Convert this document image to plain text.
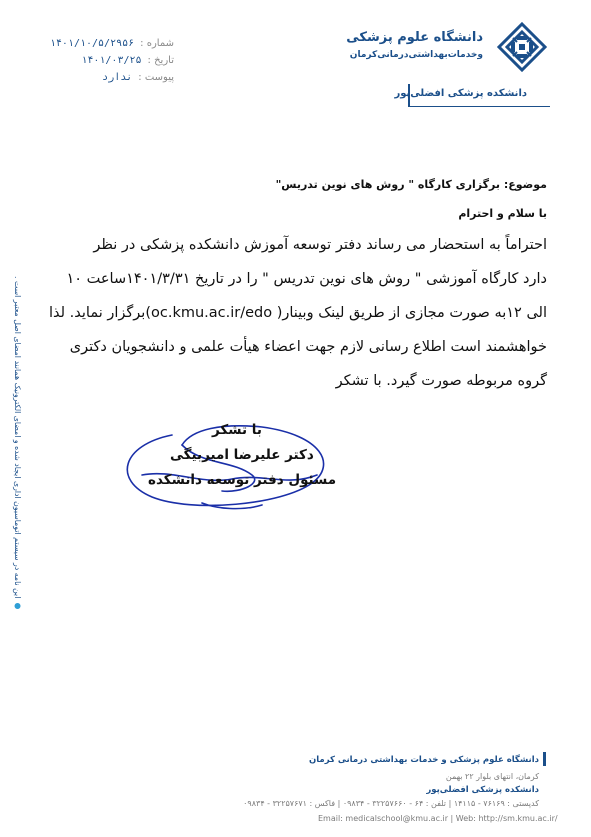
دانشگاه علوم پزشکی
و‌خدمات‌بهداشتی‌درمانی‌کرمان
دانشکده پزشکی افضلی‌پور
شماره :
۱۴۰۱/۱۰/۵/۲۹۵۶
تاریخ :
۱۴۰۱/۰۳/۲۵
پیوست :
ندارد
● این نامه در سیستم اتوماسیون اداری ایجاد شده و امضای الکترونیک همانند امضای اصل معتبر است .
موضوع: برگزاری کارگاه " روش های نوین تدریس"
با سلام و احترام
احتراماً به استحضار می رساند دفتر توسعه آموزش دانشکده پزشکی در نظر
دارد کارگاه آموزشی " روش های نوین تدریس " را در تاریخ ۱۴۰۱/۳/۳۱ساعت ۱۰
الی ۱۲به صورت مجازی از طریق لینک وبینار( oc.kmu.ac.ir/edo)برگزار نماید. لذا
خواهشمند است اطلاع رسانی لازم جهت اعضاء هیأت علمی و دانشجویان دکتری
گروه مربوطه صورت گیرد. با تشکر
با تشکر
دکتر علیرضا امیربیگی
مسئول دفتر توسعه دانشکده
دانشگاه علوم پزشکی و خدمات بهداشتی درمانی کرمان
کرمان، انتهای بلوار ۲۲ بهمن
دانشکده پزشکی افضلی‌پور
کدپستی : ۷۶۱۶۹ - ۱۴۱۱۵ | تلفن : ۶۴ - ۳۲۲۵۷۶۶۰ - ۰۹۸۳۴ | فاکس : ۳۲۲۵۷۶۷۱ - ۰۹۸۳۴
Email: medicalschool@kmu.ac.ir | Web: http://sm.kmu.ac.ir/
